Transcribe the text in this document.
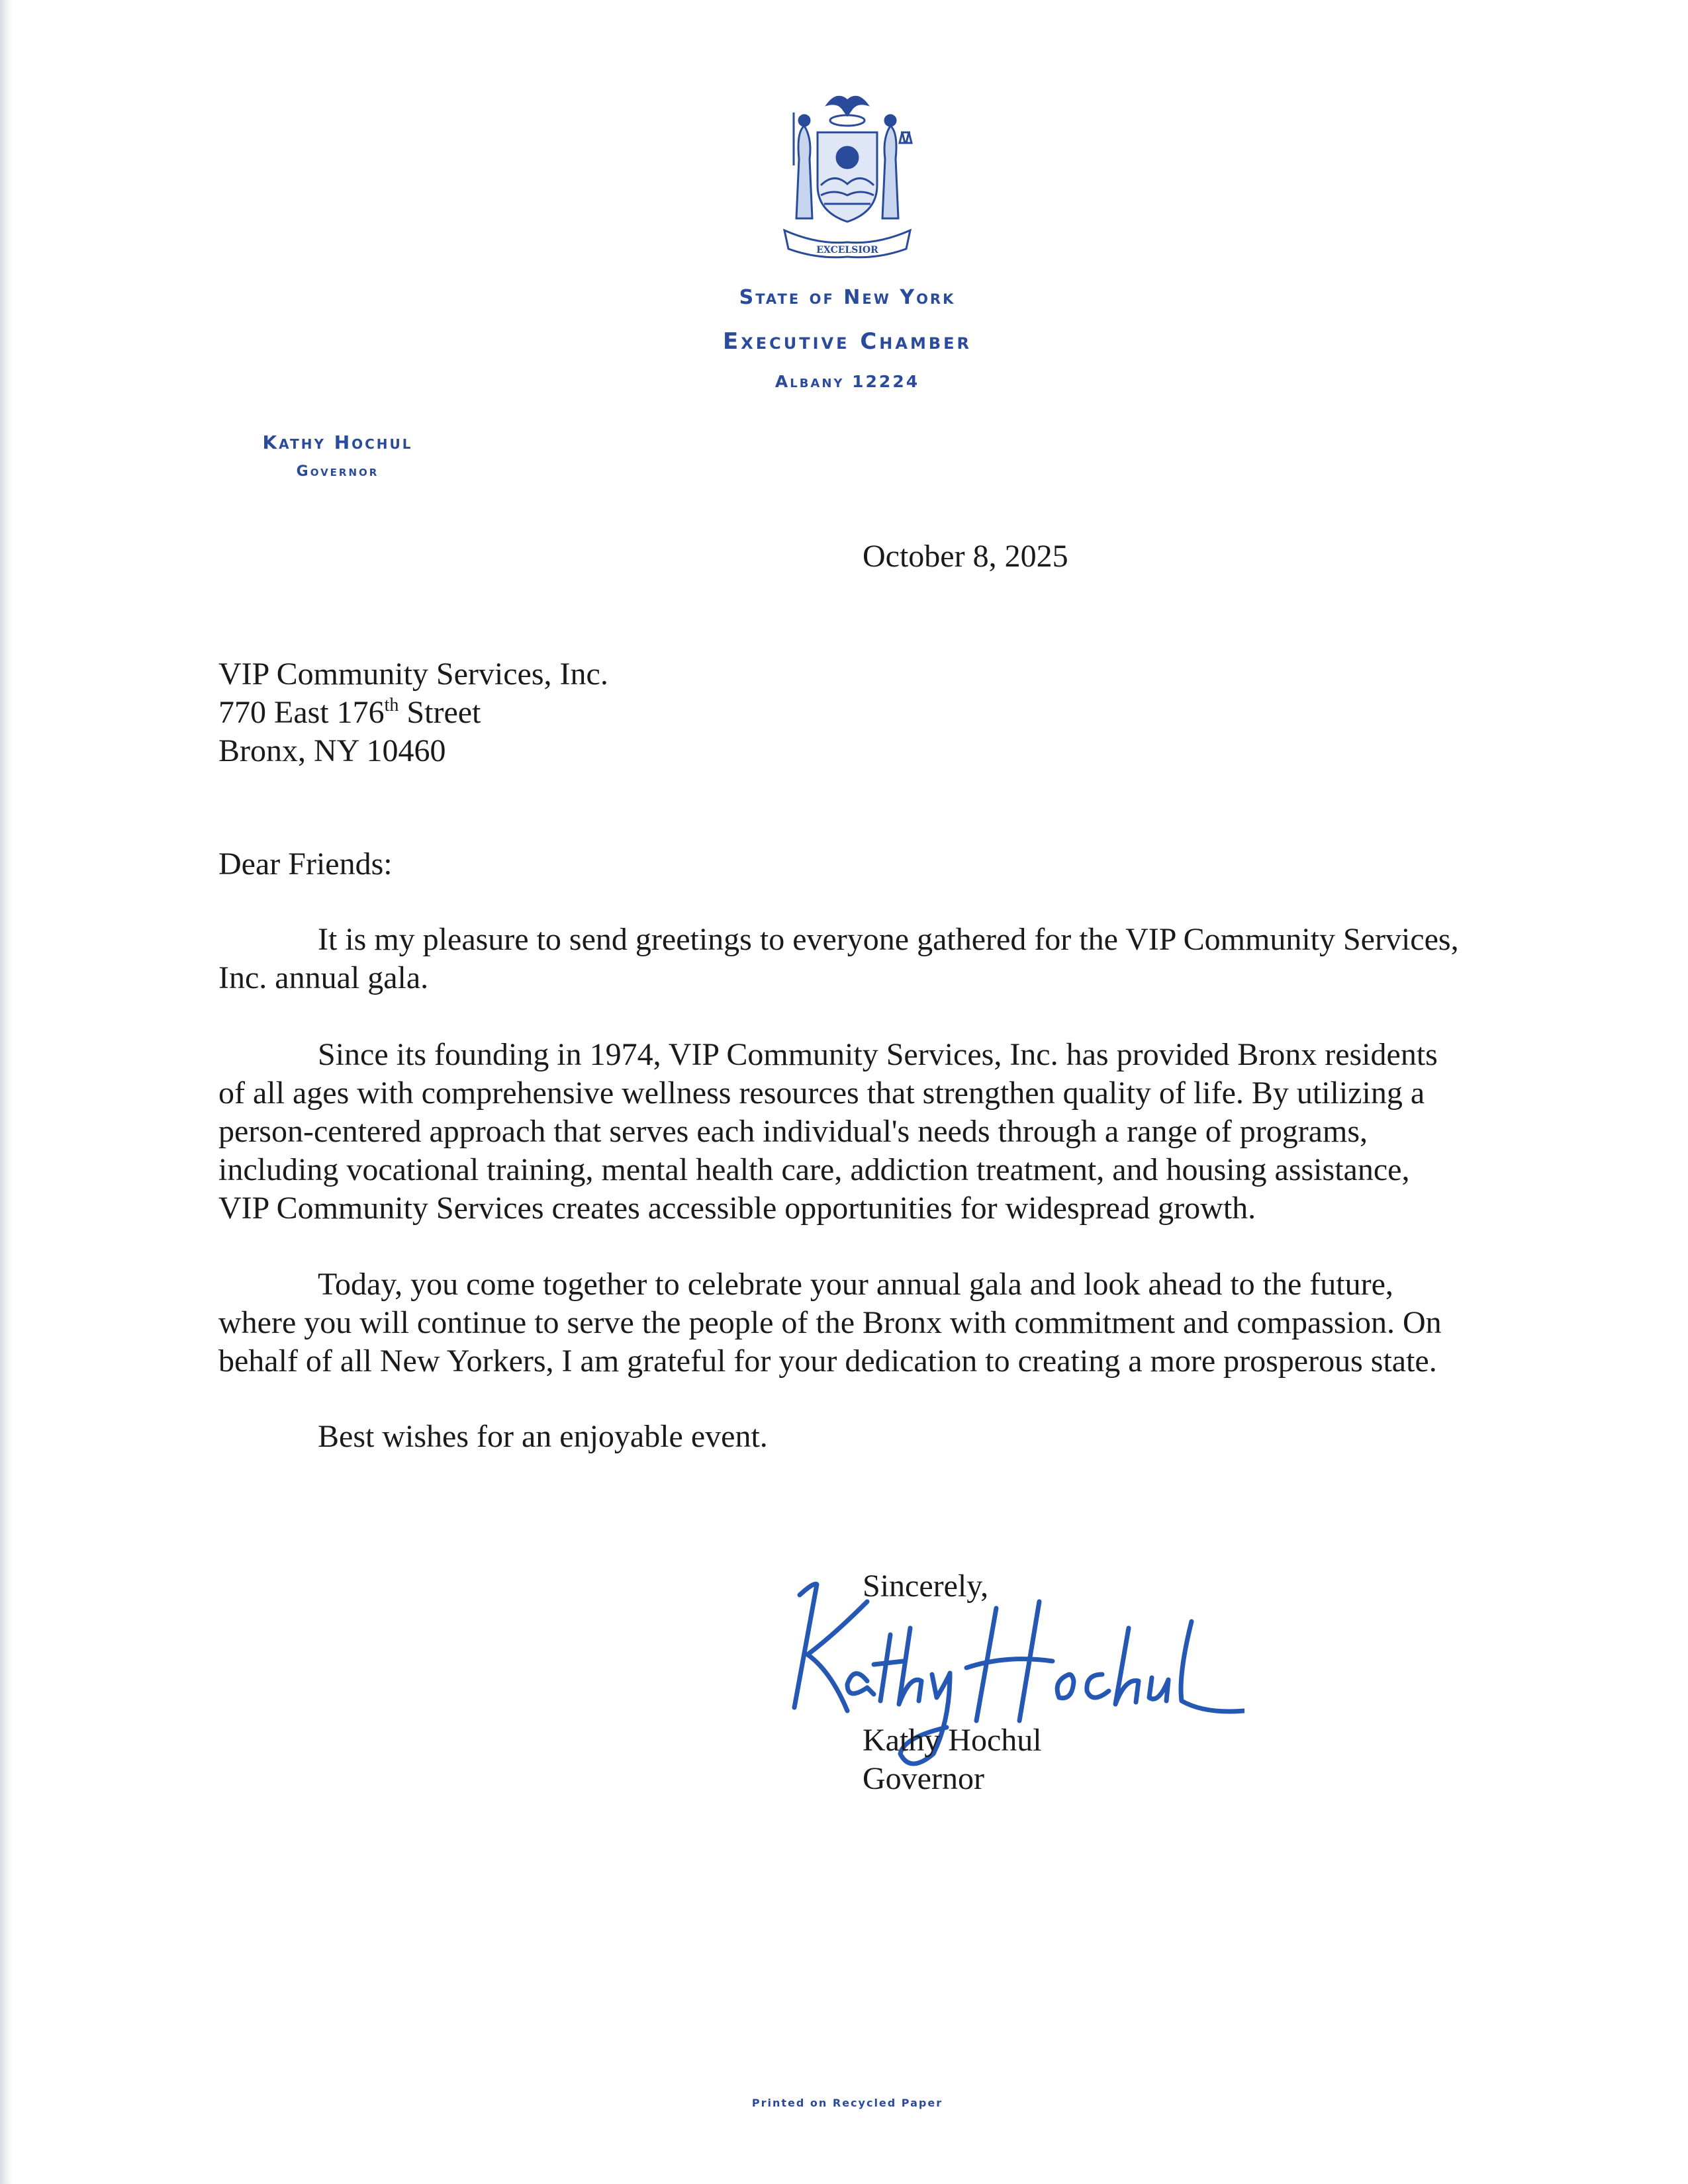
EXCELSIOR
State of New York
Executive Chamber
Albany 12224
Kathy Hochul
Governor
October 8, 2025
VIP Community Services, Inc.
770 East 176th Street
Bronx, NY 10460
Dear Friends:
It is my pleasure to send greetings to everyone gathered for the VIP Community Services,
Inc. annual gala.
Since its founding in 1974, VIP Community Services, Inc. has provided Bronx residents
of all ages with comprehensive wellness resources that strengthen quality of life. By utilizing a
person-centered approach that serves each individual's needs through a range of programs,
including vocational training, mental health care, addiction treatment, and housing assistance,
VIP Community Services creates accessible opportunities for widespread growth.
Today, you come together to celebrate your annual gala and look ahead to the future,
where you will continue to serve the people of the Bronx with commitment and compassion. On
behalf of all New Yorkers, I am grateful for your dedication to creating a more prosperous state.
Best wishes for an enjoyable event.
Sincerely,
Kathy Hochul
Governor
Printed on Recycled Paper
